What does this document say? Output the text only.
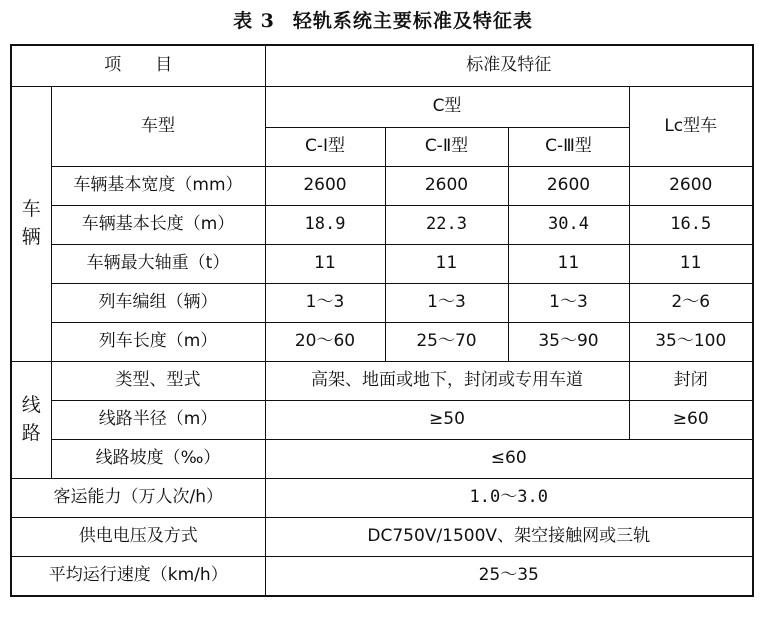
表 3 轻轨系统主要标准及特征表
项　　目		标准及特征			
车辆	车型	C型			Lc型车
		C-Ⅰ型	C-Ⅱ型	C-Ⅲ型	
	车辆基本宽度（mm）	2600	2600	2600	2600
	车辆基本长度（m）	18.9	22.3	30.4	16.5
	车辆最大轴重（t）	11	11	11	11
	列车编组（辆）	1～3	1～3	1～3	2～6
	列车长度（m）	20～60	25～70	35～90	35～100
线路	类型、型式	高架、地面或地下，封闭或专用车道			封闭
	线路半径（m）	≥50			≥60
	线路坡度（‰）	≤60			
客运能力（万人次/h）		1.0～3.0			
供电电压及方式		DC750V/1500V、架空接触网或三轨			
平均运行速度（km/h）		25～35			
